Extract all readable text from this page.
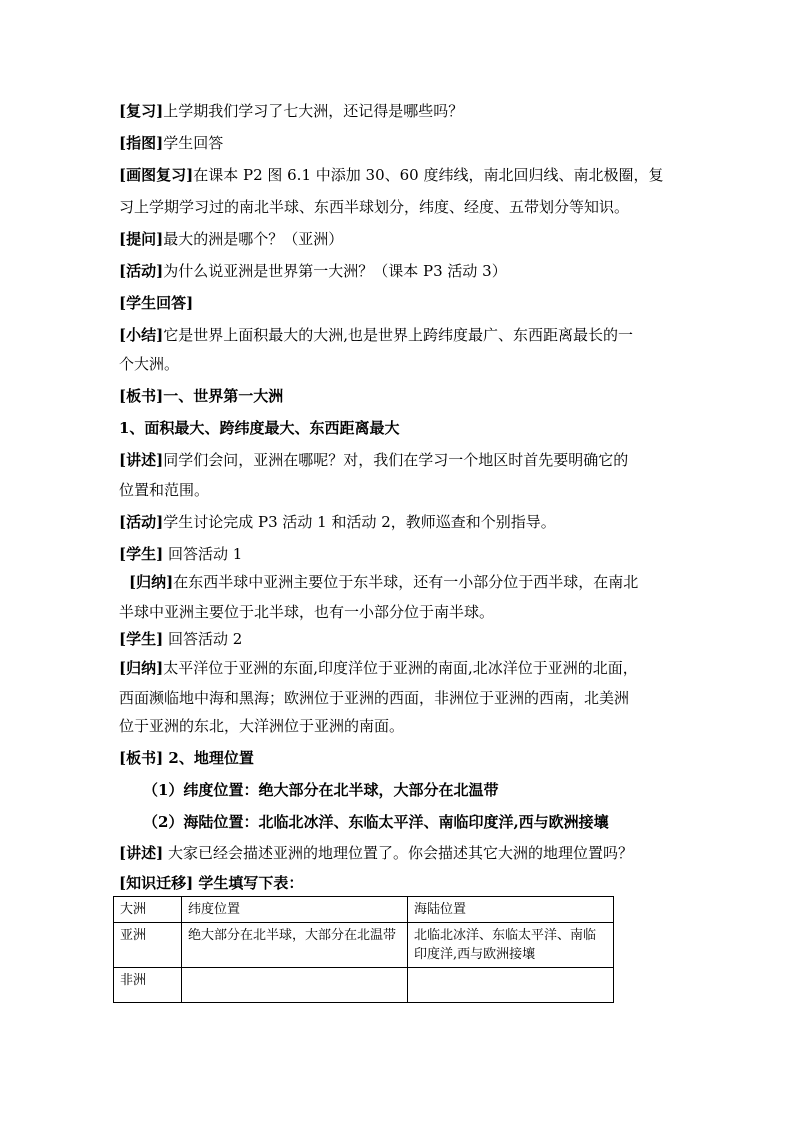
[复习]上学期我们学习了七大洲，还记得是哪些吗？
[指图]学生回答
[画图复习]在课本 P2 图 6.1 中添加 30、60 度纬线，南北回归线、南北极圈，复
习上学期学习过的南北半球、东西半球划分，纬度、经度、五带划分等知识。
[提问]最大的洲是哪个？（亚洲）
[活动]为什么说亚洲是世界第一大洲？（课本 P3 活动 3）
[学生回答]
[小结]它是世界上面积最大的大洲,也是世界上跨纬度最广、东西距离最长的一
个大洲。
[板书]一、世界第一大洲
1、面积最大、跨纬度最大、东西距离最大
[讲述]同学们会问，亚洲在哪呢？对，我们在学习一个地区时首先要明确它的
位置和范围。
[活动]学生讨论完成 P3 活动 1 和活动 2，教师巡查和个别指导。
[学生] 回答活动 1
[归纳]在东西半球中亚洲主要位于东半球，还有一小部分位于西半球，在南北
半球中亚洲主要位于北半球，也有一小部分位于南半球。
[学生] 回答活动 2
[归纳]太平洋位于亚洲的东面,印度洋位于亚洲的南面,北冰洋位于亚洲的北面，
西面濒临地中海和黑海；欧洲位于亚洲的西面，非洲位于亚洲的西南，北美洲
位于亚洲的东北，大洋洲位于亚洲的南面。
[板书] 2、地理位置
（1）纬度位置：绝大部分在北半球，大部分在北温带
（2）海陆位置：北临北冰洋、东临太平洋、南临印度洋,西与欧洲接壤
[讲述] 大家已经会描述亚洲的地理位置了。你会描述其它大洲的地理位置吗？
[知识迁移] 学生填写下表：
大洲	纬度位置	海陆位置
亚洲	绝大部分在北半球，大部分在北温带	北临北冰洋、东临太平洋、南临印度洋,西与欧洲接壤
非洲		
